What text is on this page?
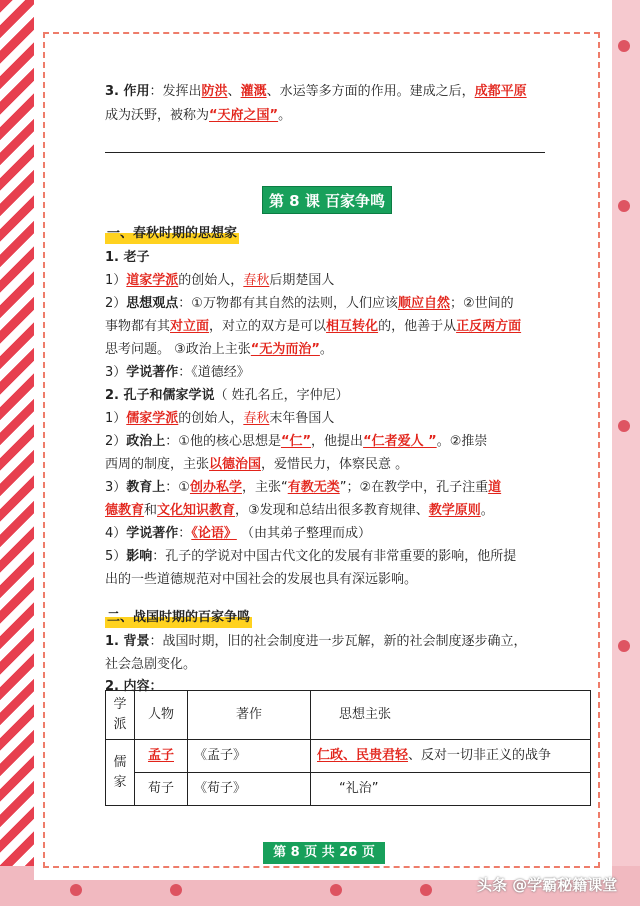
3. 作用：发挥出防洪、灌溉、水运等多方面的作用。建成之后，成都平原
成为沃野，被称为“天府之国”。
第 8 课 百家争鸣
一、春秋时期的思想家
1. 老子
1）道家学派的创始人，春秋后期楚国人
2）思想观点：①万物都有其自然的法则，人们应该顺应自然；②世间的
事物都有其对立面，对立的双方是可以相互转化的，他善于从正反两方面
思考问题。 ③政治上主张“无为而治”。
3）学说著作：《道德经》
2. 孔子和儒家学说（ 姓孔名丘，字仲尼）
1）儒家学派的创始人，春秋末年鲁国人
2）政治上：①他的核心思想是“仁”，他提出“仁者爱人 ”。②推崇
西周的制度，主张以德治国，爱惜民力，体察民意 。
3）教育上：①创办私学，主张“有教无类”；②在教学中，孔子注重道
德教育和文化知识教育，③发现和总结出很多教育规律、教学原则。
4）学说著作：《论语》 （由其弟子整理而成）
5）影响：孔子的学说对中国古代文化的发展有非常重要的影响，他所提
出的一些道德规范对中国社会的发展也具有深远影响。
二、战国时期的百家争鸣
1. 背景：战国时期，旧的社会制度进一步瓦解，新的社会制度逐步确立，
社会急剧变化。
2. 内容：
学派	人物	著作	思想主张
儒家	孟子	《孟子》	仁政、民贵君轻、反对一切非正义的战争
	荀子	《荀子》	“礼治”
第 8 页 共 26 页
头条 @学霸秘籍课堂
